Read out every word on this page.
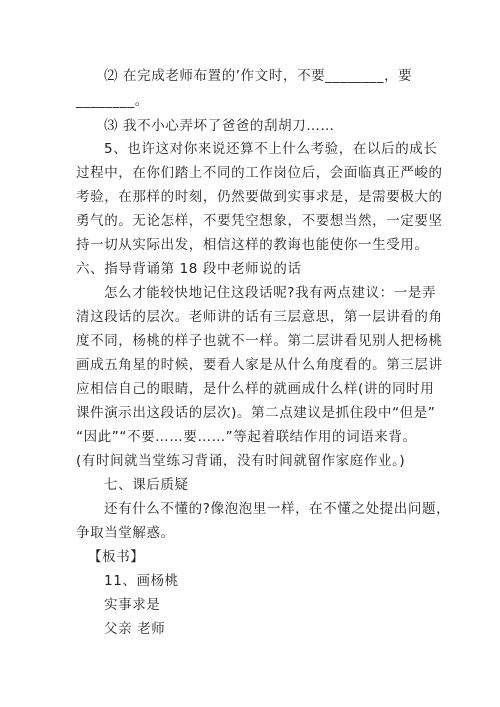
⑵ 在完成老师布置的’作文时，不要________，要
________。
⑶ 我不小心弄坏了爸爸的刮胡刀……
5、也许这对你来说还算不上什么考验，在以后的成长
过程中，在你们踏上不同的工作岗位后，会面临真正严峻的
考验，在那样的时刻，仍然要做到实事求是，是需要极大的
勇气的。无论怎样，不要凭空想象，不要想当然，一定要坚
持一切从实际出发，相信这样的教诲也能使你一生受用。
六、指导背诵第 18 段中老师说的话
怎么才能较快地记住这段话呢?我有两点建议：一是弄
清这段话的层次。老师讲的话有三层意思，第一层讲看的角
度不同，杨桃的样子也就不一样。第二层讲看见别人把杨桃
画成五角星的时候，要看人家是从什么角度看的。第三层讲
应相信自己的眼睛，是什么样的就画成什么样(讲的同时用
课件演示出这段话的层次)。第二点建议是抓住段中“但是”
“因此”“不要……要……”等起着联结作用的词语来背。
(有时间就当堂练习背诵，没有时间就留作家庭作业。)
七、课后质疑
还有什么不懂的?像泡泡里一样，在不懂之处提出问题，
争取当堂解惑。
【板书】
11、画杨桃
实事求是
父亲 老师
